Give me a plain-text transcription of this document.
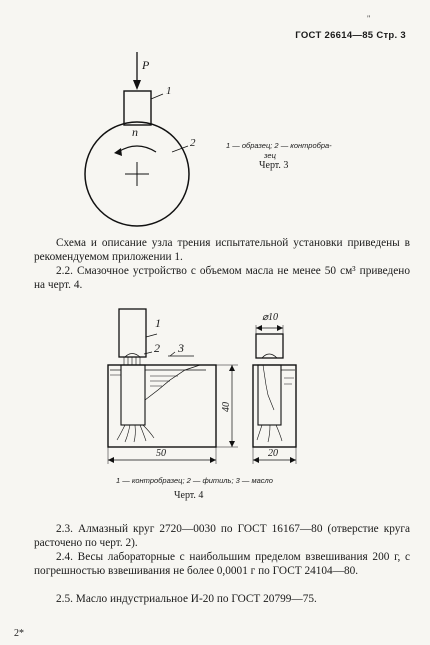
"
ГОСТ 26614—85 Стр. 3
P
1
n
2	1 — образец; 2 — контробра-
зец
Черт. 3
Схема и описание узла трения испытательной установки приведены в рекомендуемом приложении 1.
2.2. Смазочное устройство с объемом масла не менее 50 см³ приведено на черт. 4.
1
2 3
40
50
⌀10
20
1 — контробразец; 2 — фитиль; 3 — масло
Черт. 4
2.3. Алмазный круг 2720—0030 по ГОСТ 16167—80 (отверстие круга расточено по черт. 2).
2.4. Весы лабораторные с наибольшим пределом взвешивания 200 г, с погрешностью взвешивания не более 0,0001 г по ГОСТ 24104—80.
2.5. Масло индустриальное И-20 по ГОСТ 20799—75.
2*
